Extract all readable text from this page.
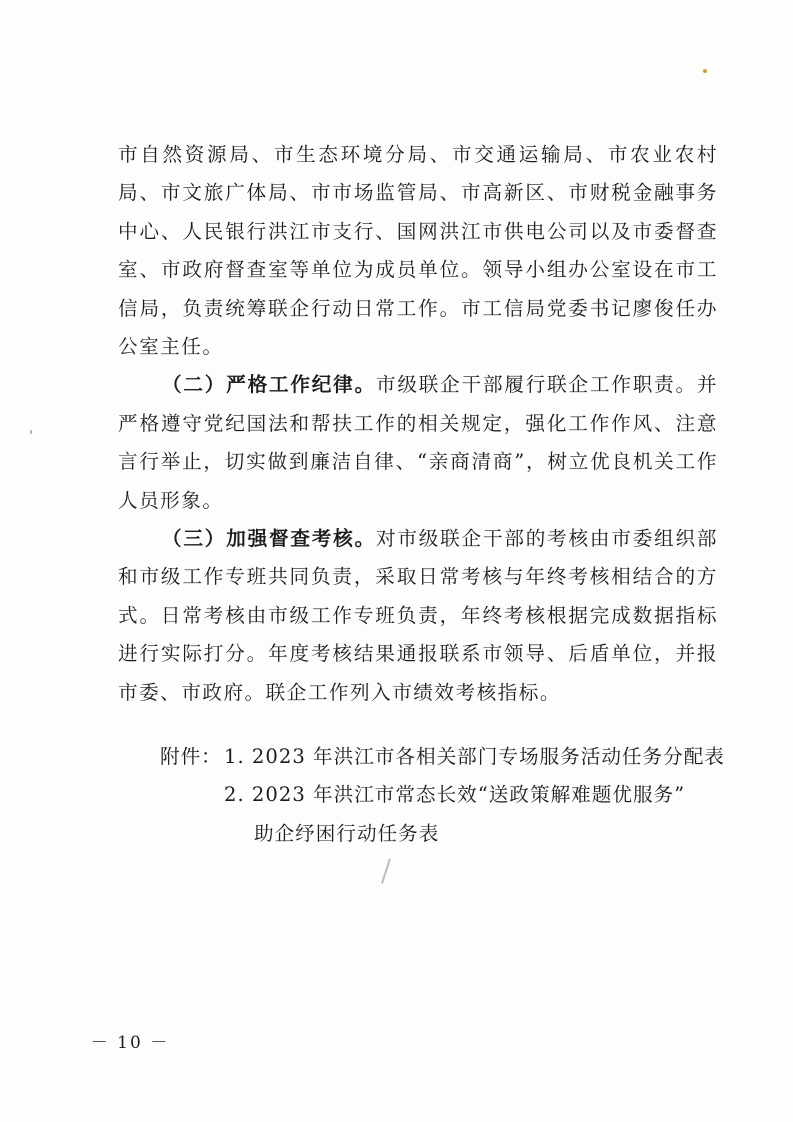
市自然资源局、市生态环境分局、市交通运输局、市农业农村局、市文旅广体局、市市场监管局、市高新区、市财税金融事务中心、人民银行洪江市支行、国网洪江市供电公司以及市委督查室、市政府督查室等单位为成员单位。领导小组办公室设在市工信局，负责统筹联企行动日常工作。市工信局党委书记廖俊任办公室主任。

（二）严格工作纪律。市级联企干部履行联企工作职责。并严格遵守党纪国法和帮扶工作的相关规定，强化工作作风、注意言行举止，切实做到廉洁自律、“亲商清商”，树立优良机关工作人员形象。

（三）加强督查考核。对市级联企干部的考核由市委组织部和市级工作专班共同负责，采取日常考核与年终考核相结合的方式。日常考核由市级工作专班负责，年终考核根据完成数据指标进行实际打分。年度考核结果通报联系市领导、后盾单位，并报市委、市政府。联企工作列入市绩效考核指标。

附件： 1. 2023 年洪江市各相关部门专场服务活动任务分配表
2. 2023 年洪江市常态长效“送政策解难题优服务”
助企纾困行动任务表
－ 10 －
